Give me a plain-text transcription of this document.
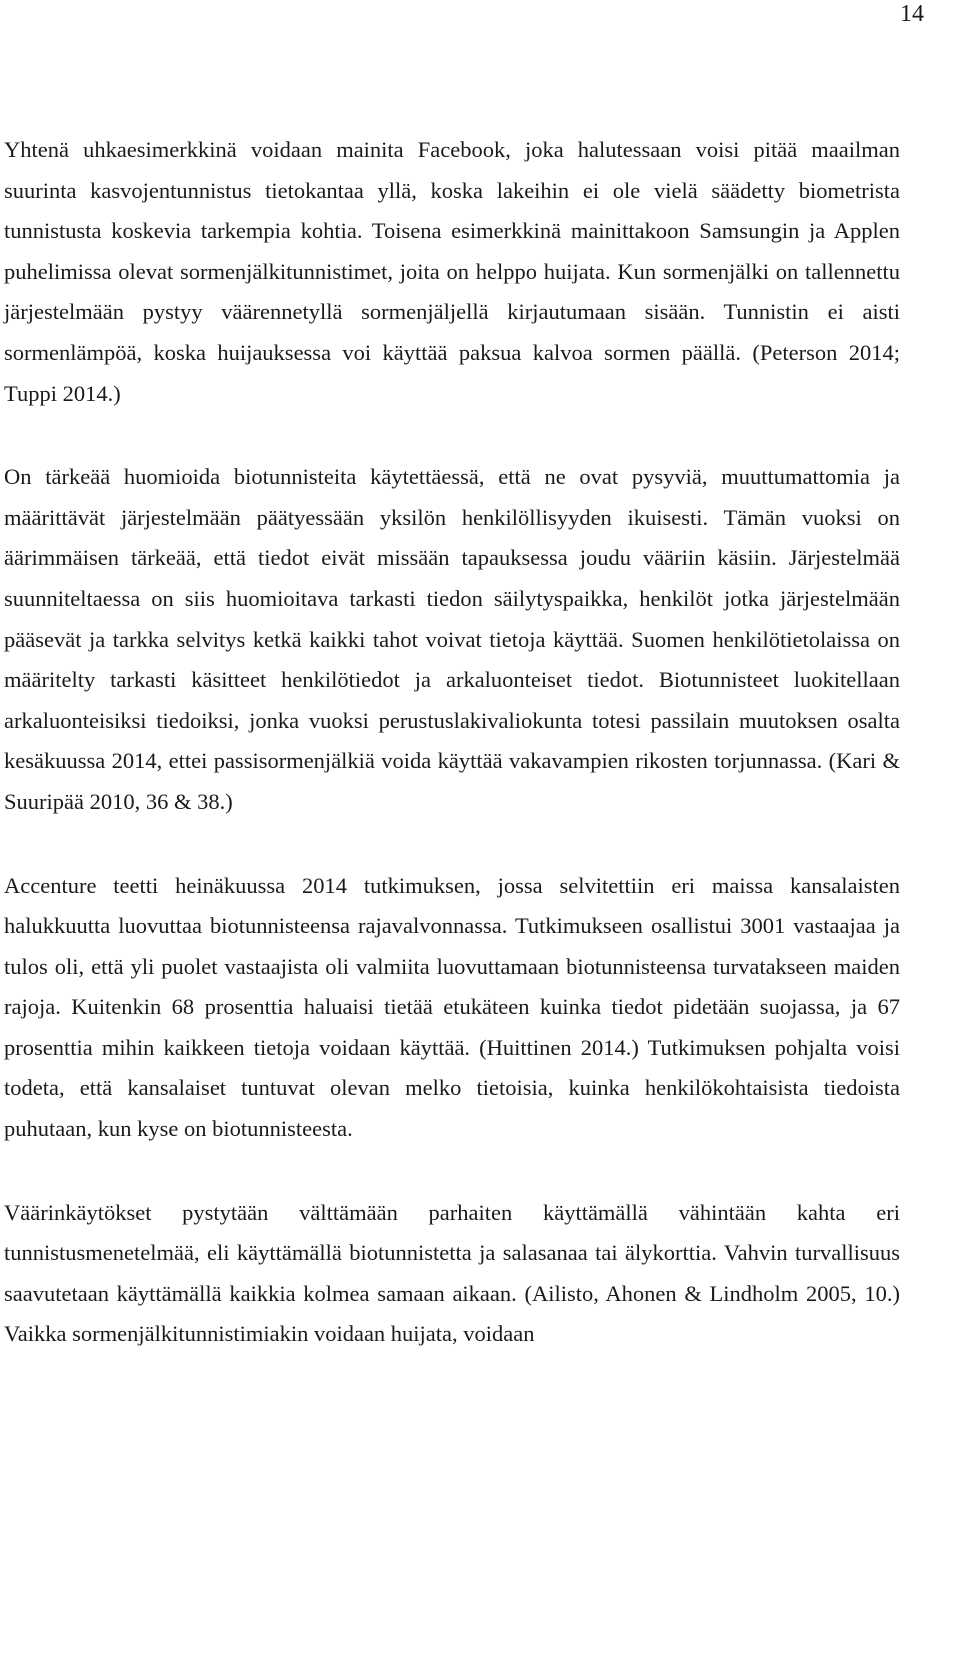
14

Yhtenä uhkaesimerkkinä voidaan mainita Facebook, joka halutessaan voisi pitää maailman suurinta kasvojentunnistus tietokantaa yllä, koska lakeihin ei ole vielä säädetty biometrista tunnistusta koskevia tarkempia kohtia. Toisena esimerkkinä mainittakoon Samsungin ja Applen puhelimissa olevat sormenjälkitunnistimet, joita on helppo huijata. Kun sormenjälki on tallennettu järjestelmään pystyy väärennetyllä sormenjäljellä kirjautumaan sisään. Tunnistin ei aisti sormenlämpöä, koska huijauksessa voi käyttää paksua kalvoa sormen päällä. (Peterson 2014; Tuppi 2014.)

On tärkeää huomioida biotunnisteita käytettäessä, että ne ovat pysyviä, muuttumattomia ja määrittävät järjestelmään päätyessään yksilön henkilöllisyyden ikuisesti. Tämän vuoksi on äärimmäisen tärkeää, että tiedot eivät missään tapauksessa joudu vääriin käsiin. Järjestelmää suunniteltaessa on siis huomioitava tarkasti tiedon säilytyspaikka, henkilöt jotka järjestelmään pääsevät ja tarkka selvitys ketkä kaikki tahot voivat tietoja käyttää. Suomen henkilötietolaissa on määritelty tarkasti käsitteet henkilötiedot ja arkaluonteiset tiedot. Biotunnisteet luokitellaan arkaluonteisiksi tiedoiksi, jonka vuoksi perustuslakivaliokunta totesi passilain muutoksen osalta kesäkuussa 2014, ettei passisormenjälkiä voida käyttää vakavampien rikosten torjunnassa. (Kari & Suuripää 2010, 36 & 38.)

Accenture teetti heinäkuussa 2014 tutkimuksen, jossa selvitettiin eri maissa kansalaisten halukkuutta luovuttaa biotunnisteensa rajavalvonnassa. Tutkimukseen osallistui 3001 vastaajaa ja tulos oli, että yli puolet vastaajista oli valmiita luovuttamaan biotunnisteensa turvatakseen maiden rajoja. Kuitenkin 68 prosenttia haluaisi tietää etukäteen kuinka tiedot pidetään suojassa, ja 67 prosenttia mihin kaikkeen tietoja voidaan käyttää. (Huittinen 2014.) Tutkimuksen pohjalta voisi todeta, että kansalaiset tuntuvat olevan melko tietoisia, kuinka henkilökohtaisista tiedoista puhutaan, kun kyse on biotunnisteesta.

Väärinkäytökset pystytään välttämään parhaiten käyttämällä vähintään kahta eri tunnistusmenetelmää, eli käyttämällä biotunnistetta ja salasanaa tai älykorttia. Vahvin turvallisuus saavutetaan käyttämällä kaikkia kolmea samaan aikaan. (Ailisto, Ahonen & Lindholm 2005, 10.) Vaikka sormenjälkitunnistimiakin voidaan huijata, voidaan
